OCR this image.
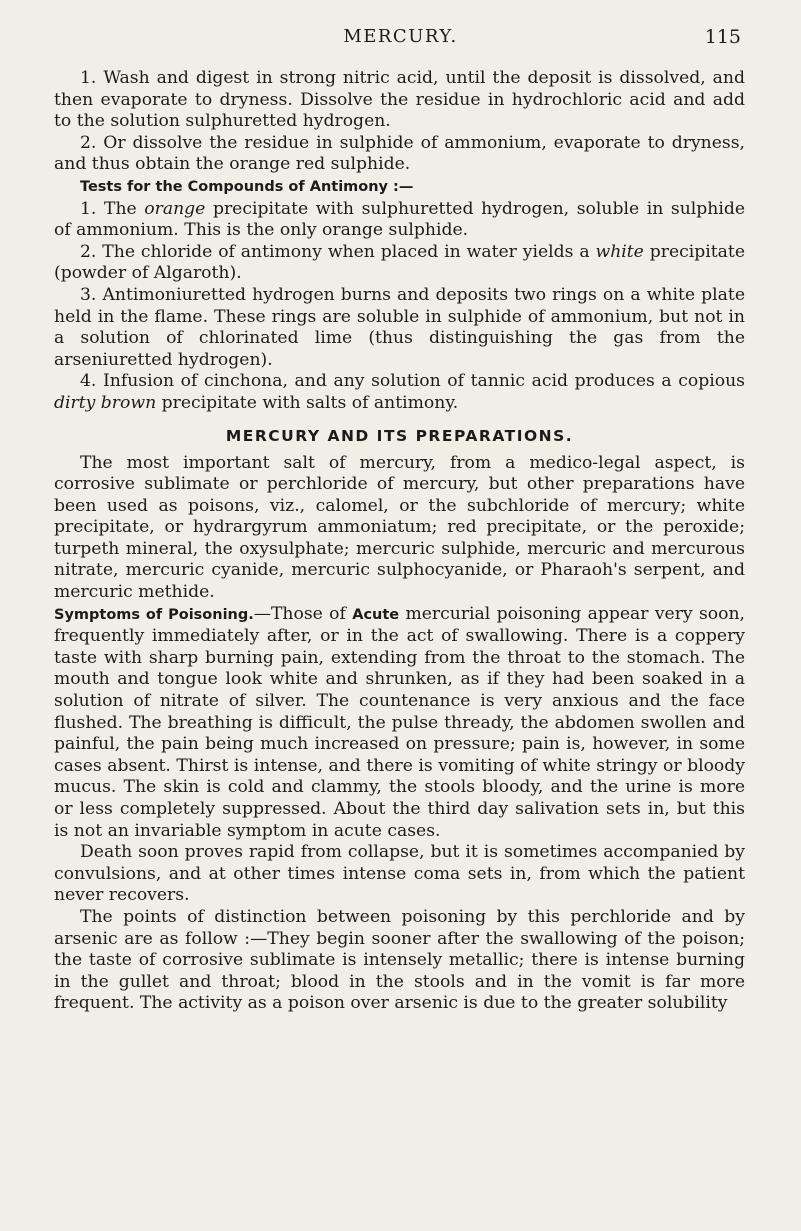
MERCURY.	115

1. Wash and digest in strong nitric acid, until the deposit is dissolved, and then evaporate to dryness. Dissolve the residue in hydrochloric acid and add to the solution sulphuretted hydrogen.

2. Or dissolve the residue in sulphide of ammonium, evaporate to dryness, and thus obtain the orange red sulphide.

Tests for the Compounds of Antimony :—

1. The orange precipitate with sulphuretted hydrogen, soluble in sulphide of ammonium. This is the only orange sulphide.

2. The chloride of antimony when placed in water yields a white precipitate (powder of Algaroth).

3. Antimoniuretted hydrogen burns and deposits two rings on a white plate held in the flame. These rings are soluble in sulphide of ammonium, but not in a solution of chlorinated lime (thus distinguishing the gas from the arseniuretted hydrogen).

4. Infusion of cinchona, and any solution of tannic acid produces a copious dirty brown precipitate with salts of antimony.

MERCURY AND ITS PREPARATIONS.

The most important salt of mercury, from a medico-legal aspect, is corrosive sublimate or perchloride of mercury, but other preparations have been used as poisons, viz., calomel, or the subchloride of mercury; white precipitate, or hydrargyrum ammoniatum; red precipitate, or the peroxide; turpeth mineral, the oxysulphate; mercuric sulphide, mercuric and mercurous nitrate, mercuric cyanide, mercuric sulphocyanide, or Pharaoh's serpent, and mercuric methide.

Symptoms of Poisoning.—Those of Acute mercurial poisoning appear very soon, frequently immediately after, or in the act of swallowing. There is a coppery taste with sharp burning pain, extending from the throat to the stomach. The mouth and tongue look white and shrunken, as if they had been soaked in a solution of nitrate of silver. The countenance is very anxious and the face flushed. The breathing is difficult, the pulse thready, the abdomen swollen and painful, the pain being much increased on pressure; pain is, however, in some cases absent. Thirst is intense, and there is vomiting of white stringy or bloody mucus. The skin is cold and clammy, the stools bloody, and the urine is more or less completely suppressed. About the third day salivation sets in, but this is not an invariable symptom in acute cases.

Death soon proves rapid from collapse, but it is sometimes accompanied by convulsions, and at other times intense coma sets in, from which the patient never recovers.

The points of distinction between poisoning by this perchloride and by arsenic are as follow :—They begin sooner after the swallowing of the poison; the taste of corrosive sublimate is intensely metallic; there is intense burning in the gullet and throat; blood in the stools and in the vomit is far more frequent. The activity as a poison over arsenic is due to the greater solubility
